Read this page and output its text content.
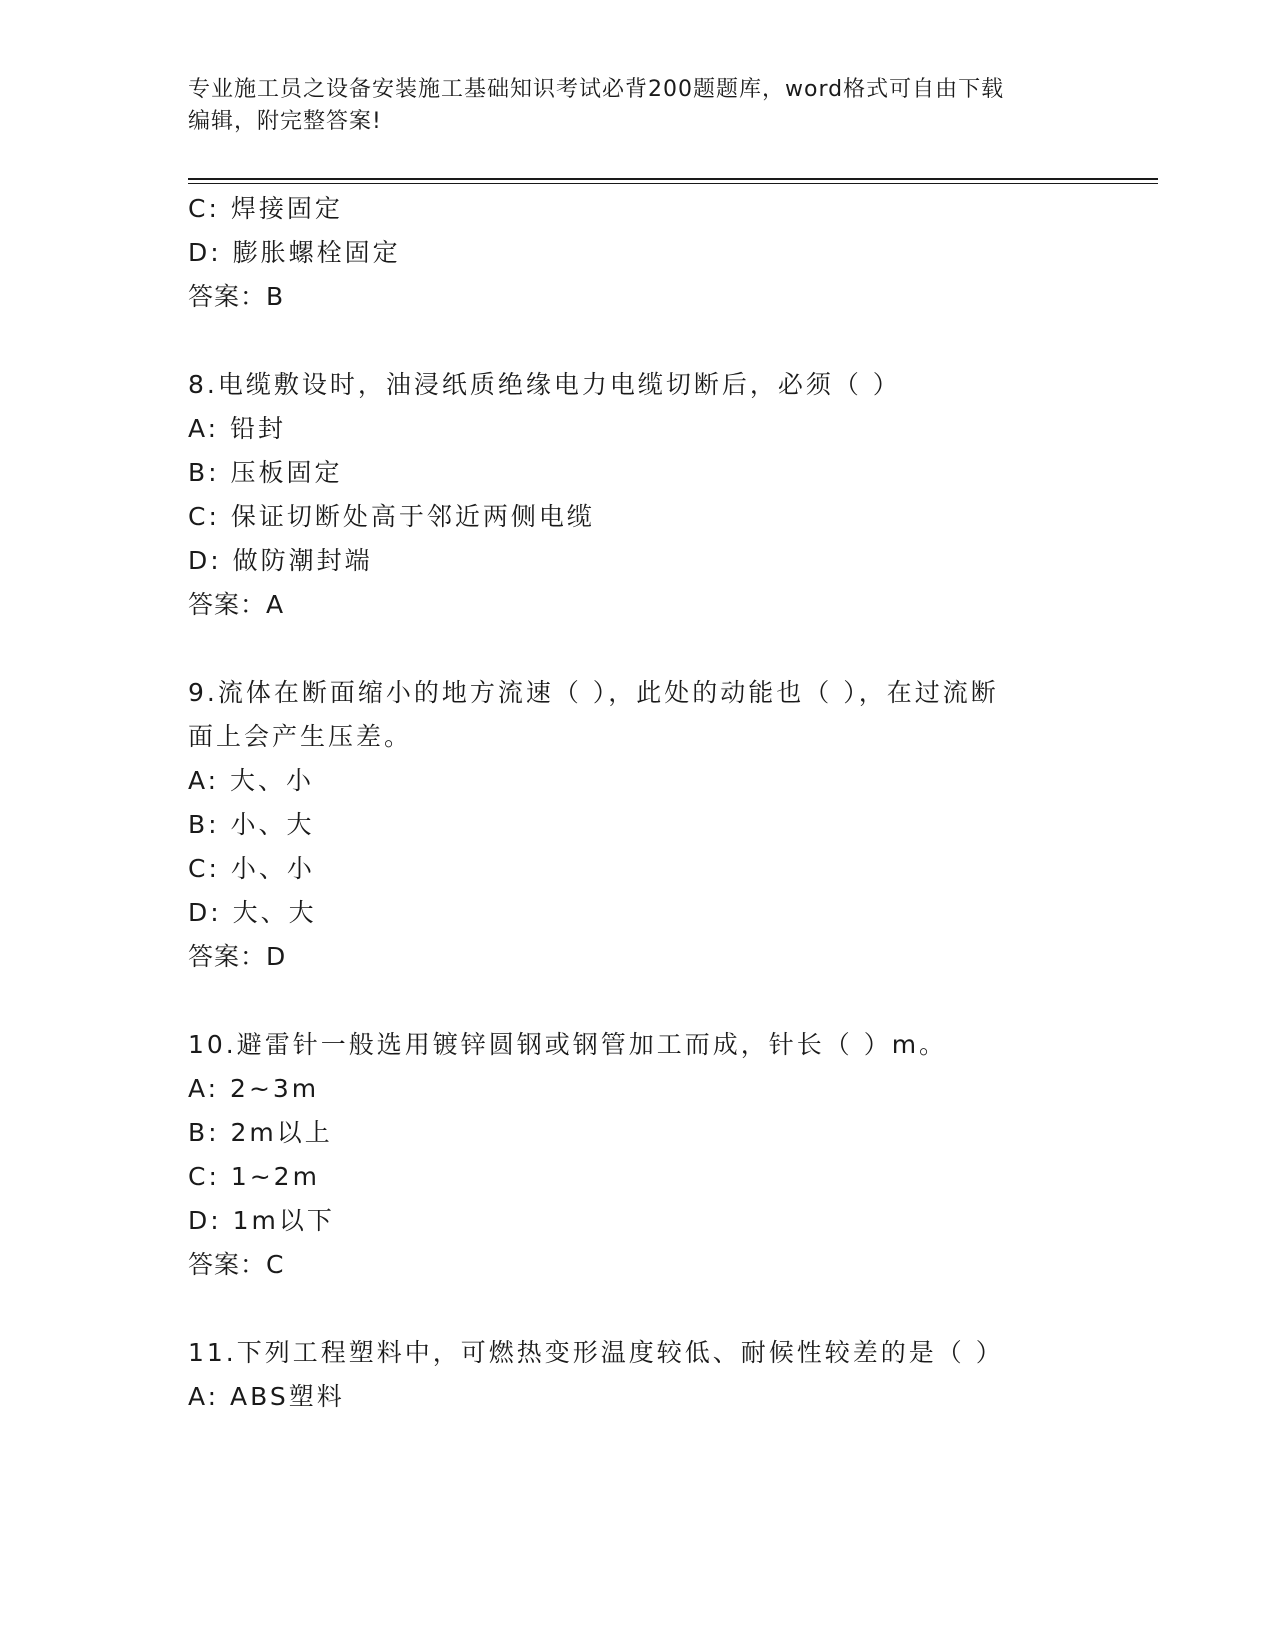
专业施工员之设备安装施工基础知识考试必背200题题库，word格式可自由下载
编辑，附完整答案!
C: 焊接固定
D: 膨胀螺栓固定
答案：B
8.电缆敷设时，油浸纸质绝缘电力电缆切断后，必须（ ）
A: 铅封
B: 压板固定
C: 保证切断处高于邻近两侧电缆
D: 做防潮封端
答案：A
9.流体在断面缩小的地方流速（ ），此处的动能也（ ），在过流断
面上会产生压差。
A: 大、小
B: 小、大
C: 小、小
D: 大、大
答案：D
10.避雷针一般选用镀锌圆钢或钢管加工而成，针长（ ）m。
A: 2~3m
B: 2m以上
C: 1~2m
D: 1m以下
答案：C
11.下列工程塑料中，可燃热变形温度较低、耐候性较差的是（ ）
A: ABS塑料
